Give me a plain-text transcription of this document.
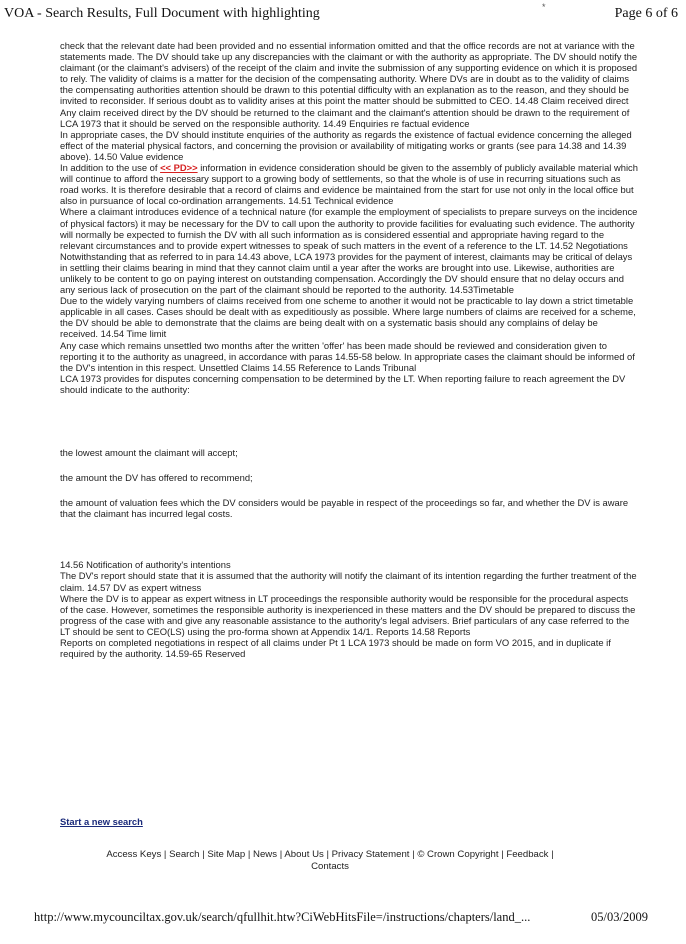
VOA - Search Results, Full Document with highlighting	Page 6 of 6
*

check that the relevant date had been provided and no essential information omitted and that the office records are not at variance with the statements made. The DV should take up any discrepancies with the claimant or with the authority as appropriate. The DV should notify the claimant (or the claimant's advisers) of the receipt of the claim and invite the submission of any supporting evidence on which it is proposed to rely. The validity of claims is a matter for the decision of the compensating authority. Where DVs are in doubt as to the validity of claims the compensating authorities attention should be drawn to this potential difficulty with an explanation as to the reason, and they should be invited to reconsider. If serious doubt as to validity arises at this point the matter should be submitted to CEO. 14.48 Claim received direct

Any claim received direct by the DV should be returned to the claimant and the claimant's attention should be drawn to the requirement of LCA 1973 that it should be served on the responsible authority. 14.49 Enquiries re factual evidence

In appropriate cases, the DV should institute enquiries of the authority as regards the existence of factual evidence concerning the alleged effect of the material physical factors, and concerning the provision or availability of mitigating works or grants (see para 14.38 and 14.39 above). 14.50 Value evidence

In addition to the use of << PD>> information in evidence consideration should be given to the assembly of publicly available material which will continue to afford the necessary support to a growing body of settlements, so that the whole is of use in recurring situations such as road works. It is therefore desirable that a record of claims and evidence be maintained from the start for use not only in the local office but also in pursuance of local co-ordination arrangements. 14.51 Technical evidence

Where a claimant introduces evidence of a technical nature (for example the employment of specialists to prepare surveys on the incidence of physical factors) it may be necessary for the DV to call upon the authority to provide facilities for evaluating such evidence. The authority will normally be expected to furnish the DV with all such information as is considered essential and appropriate having regard to the relevant circumstances and to provide expert witnesses to speak of such matters in the event of a reference to the LT. 14.52 Negotiations

Notwithstanding that as referred to in para 14.43 above, LCA 1973 provides for the payment of interest, claimants may be critical of delays in settling their claims bearing in mind that they cannot claim until a year after the works are brought into use. Likewise, authorities are unlikely to be content to go on paying interest on outstanding compensation. Accordingly the DV should ensure that no delay occurs and any serious lack of prosecution on the part of the claimant should be reported to the authority. 14.53Timetable

Due to the widely varying numbers of claims received from one scheme to another it would not be practicable to lay down a strict timetable applicable in all cases. Cases should be dealt with as expeditiously as possible. Where large numbers of claims are received for a scheme, the DV should be able to demonstrate that the claims are being dealt with on a systematic basis should any complains of delay be received. 14.54 Time limit

Any case which remains unsettled two months after the written 'offer' has been made should be reviewed and consideration given to reporting it to the authority as unagreed, in accordance with paras 14.55-58 below. In appropriate cases the claimant should be informed of the DV's intention in this respect. Unsettled Claims 14.55 Reference to Lands Tribunal

LCA 1973 provides for disputes concerning compensation to be determined by the LT. When reporting failure to reach agreement the DV should indicate to the authority:

the lowest amount the claimant will accept;

the amount the DV has offered to recommend;

the amount of valuation fees which the DV considers would be payable in respect of the proceedings so far, and whether the DV is aware that the claimant has incurred legal costs.

14.56 Notification of authority's intentions

The DV's report should state that it is assumed that the authority will notify the claimant of its intention regarding the further treatment of the claim. 14.57 DV as expert witness

Where the DV is to appear as expert witness in LT proceedings the responsible authority would be responsible for the procedural aspects of the case. However, sometimes the responsible authority is inexperienced in these matters and the DV should be prepared to discuss the progress of the case with and give any reasonable assistance to the authority's legal advisers. Brief particulars of any case referred to the LT should be sent to CEO(LS) using the pro-forma shown at Appendix 14/1. Reports 14.58 Reports

Reports on completed negotiations in respect of all claims under Pt 1 LCA 1973 should be made on form VO 2015, and in duplicate if required by the authority. 14.59-65 Reserved

Start a new search
Access Keys | Search | Site Map | News | About Us | Privacy Statement | © Crown Copyright | Feedback |
Contacts
http://www.mycounciltax.gov.uk/search/qfullhit.htw?CiWebHitsFile=/instructions/chapters/land_...	05/03/2009
